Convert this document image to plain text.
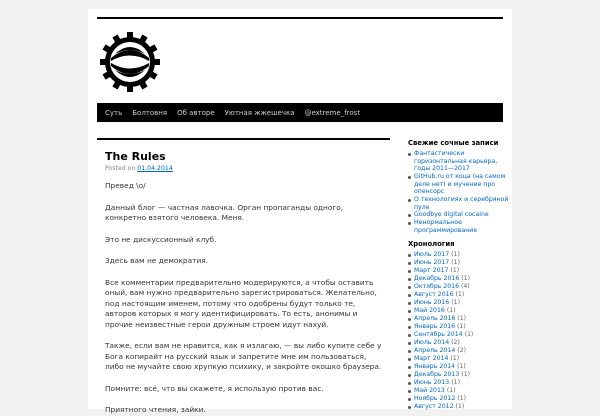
Суть Болтовня Об авторе Уютная жжешечка @extreme_frost
The Rules
Posted on 01.04.2014

Превед \о/

Данный блог — частная лавочка. Орган пропаганды одного, конкретно взятого человека. Меня.

Это не дискуссионный клуб.

Здесь вам не демократия.

Все комментарии предварительно модерируются, а чтобы оставить оный, вам нужно предварительно зарегистрироваться. Желательно, под настоящим именем, потому что одобрены будут только те, авторов которых я могу идентифицировать. То есть, анонимы и прочие неизвестные герои дружным строем идут нахуй.

Также, если вам не нравится, как я излагаю, — вы либо купите себе у Бога копирайт на русский язык и запретите мне им пользоваться, либо не мучайте свою хрупкую психику, и закройте окошко браузера.

Помните: всё, что вы скажете, я использую против вас.

Приятного чтения, зайки.

Свежие сочные записи
Фантастически горизонтальная карьера, годы 2011—2017
GitHub.ru от коца (на самом деле нет) и мучение про опенсорс
О технологиях и серебряной пуле
Goodbye digital cocaine
Ненормальное программирование
Хронология
Июль 2017 (1)
Июнь 2017 (1)
Март 2017 (1)
Декабрь 2016 (1)
Октябрь 2016 (4)
Август 2016 (1)
Июнь 2016 (1)
Май 2016 (1)
Апрель 2016 (1)
Январь 2016 (1)
Сентябрь 2014 (1)
Июль 2014 (2)
Апрель 2014 (2)
Март 2014 (1)
Январь 2014 (1)
Декабрь 2013 (1)
Июнь 2013 (1)
Май 2013 (1)
Ноябрь 2012 (1)
Август 2012 (1)
